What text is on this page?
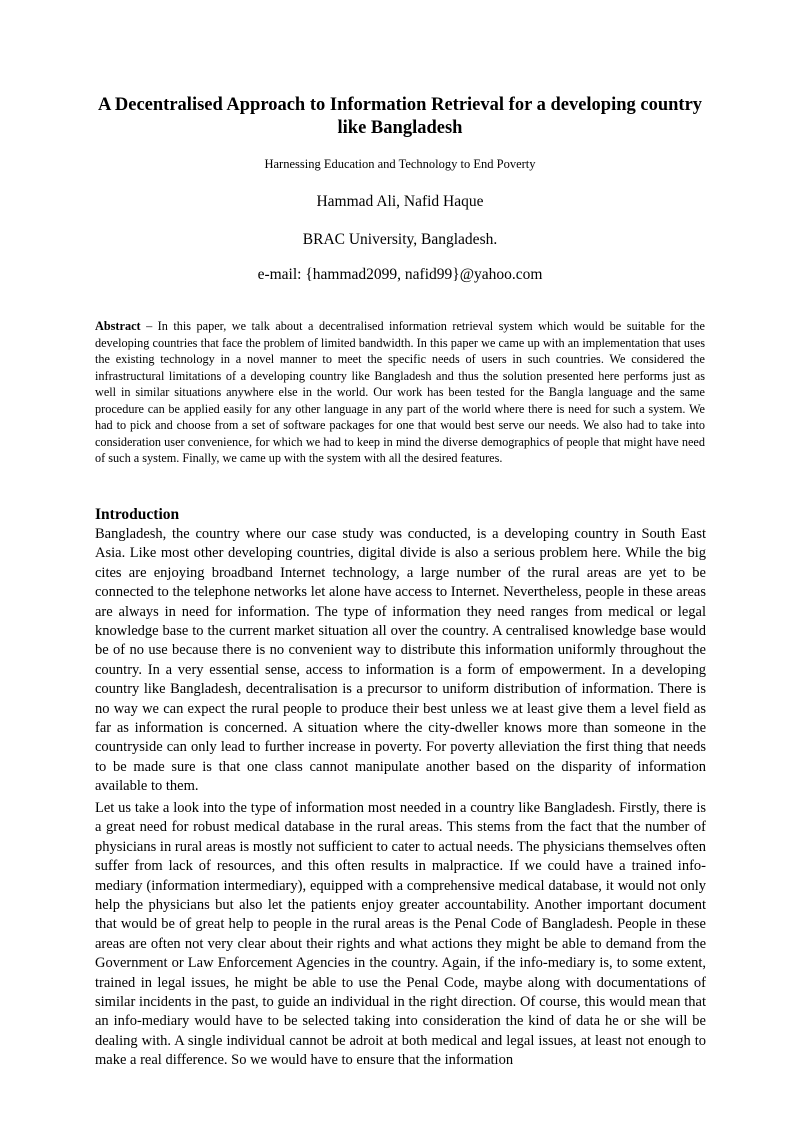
A Decentralised Approach to Information Retrieval for a developing country like Bangladesh
Harnessing Education and Technology to End Poverty
Hammad Ali, Nafid Haque
BRAC University, Bangladesh.
e-mail: {hammad2099, nafid99}@yahoo.com
Abstract – In this paper, we talk about a decentralised information retrieval system which would be suitable for the developing countries that face the problem of limited bandwidth. In this paper we came up with an implementation that uses the existing technology in a novel manner to meet the specific needs of users in such countries. We considered the infrastructural limitations of a developing country like Bangladesh and thus the solution presented here performs just as well in similar situations anywhere else in the world. Our work has been tested for the Bangla language and the same procedure can be applied easily for any other language in any part of the world where there is need for such a system. We had to pick and choose from a set of software packages for one that would best serve our needs. We also had to take into consideration user convenience, for which we had to keep in mind the diverse demographics of people that might have need of such a system. Finally, we came up with the system with all the desired features.
Introduction
Bangladesh, the country where our case study was conducted, is a developing country in South East Asia. Like most other developing countries, digital divide is also a serious problem here. While the big cites are enjoying broadband Internet technology, a large number of the rural areas are yet to be connected to the telephone networks let alone have access to Internet. Nevertheless, people in these areas are always in need for information. The type of information they need ranges from medical or legal knowledge base to the current market situation all over the country. A centralised knowledge base would be of no use because there is no convenient way to distribute this information uniformly throughout the country. In a very essential sense, access to information is a form of empowerment. In a developing country like Bangladesh, decentralisation is a precursor to uniform distribution of information. There is no way we can expect the rural people to produce their best unless we at least give them a level field as far as information is concerned. A situation where the city-dweller knows more than someone in the countryside can only lead to further increase in poverty. For poverty alleviation the first thing that needs to be made sure is that one class cannot manipulate another based on the disparity of information available to them.
Let us take a look into the type of information most needed in a country like Bangladesh. Firstly, there is a great need for robust medical database in the rural areas. This stems from the fact that the number of physicians in rural areas is mostly not sufficient to cater to actual needs. The physicians themselves often suffer from lack of resources, and this often results in malpractice. If we could have a trained info-mediary (information intermediary), equipped with a comprehensive medical database, it would not only help the physicians but also let the patients enjoy greater accountability. Another important document that would be of great help to people in the rural areas is the Penal Code of Bangladesh. People in these areas are often not very clear about their rights and what actions they might be able to demand from the Government or Law Enforcement Agencies in the country. Again, if the info-mediary is, to some extent, trained in legal issues, he might be able to use the Penal Code, maybe along with documentations of similar incidents in the past, to guide an individual in the right direction. Of course, this would mean that an info-mediary would have to be selected taking into consideration the kind of data he or she will be dealing with. A single individual cannot be adroit at both medical and legal issues, at least not enough to make a real difference. So we would have to ensure that the information
